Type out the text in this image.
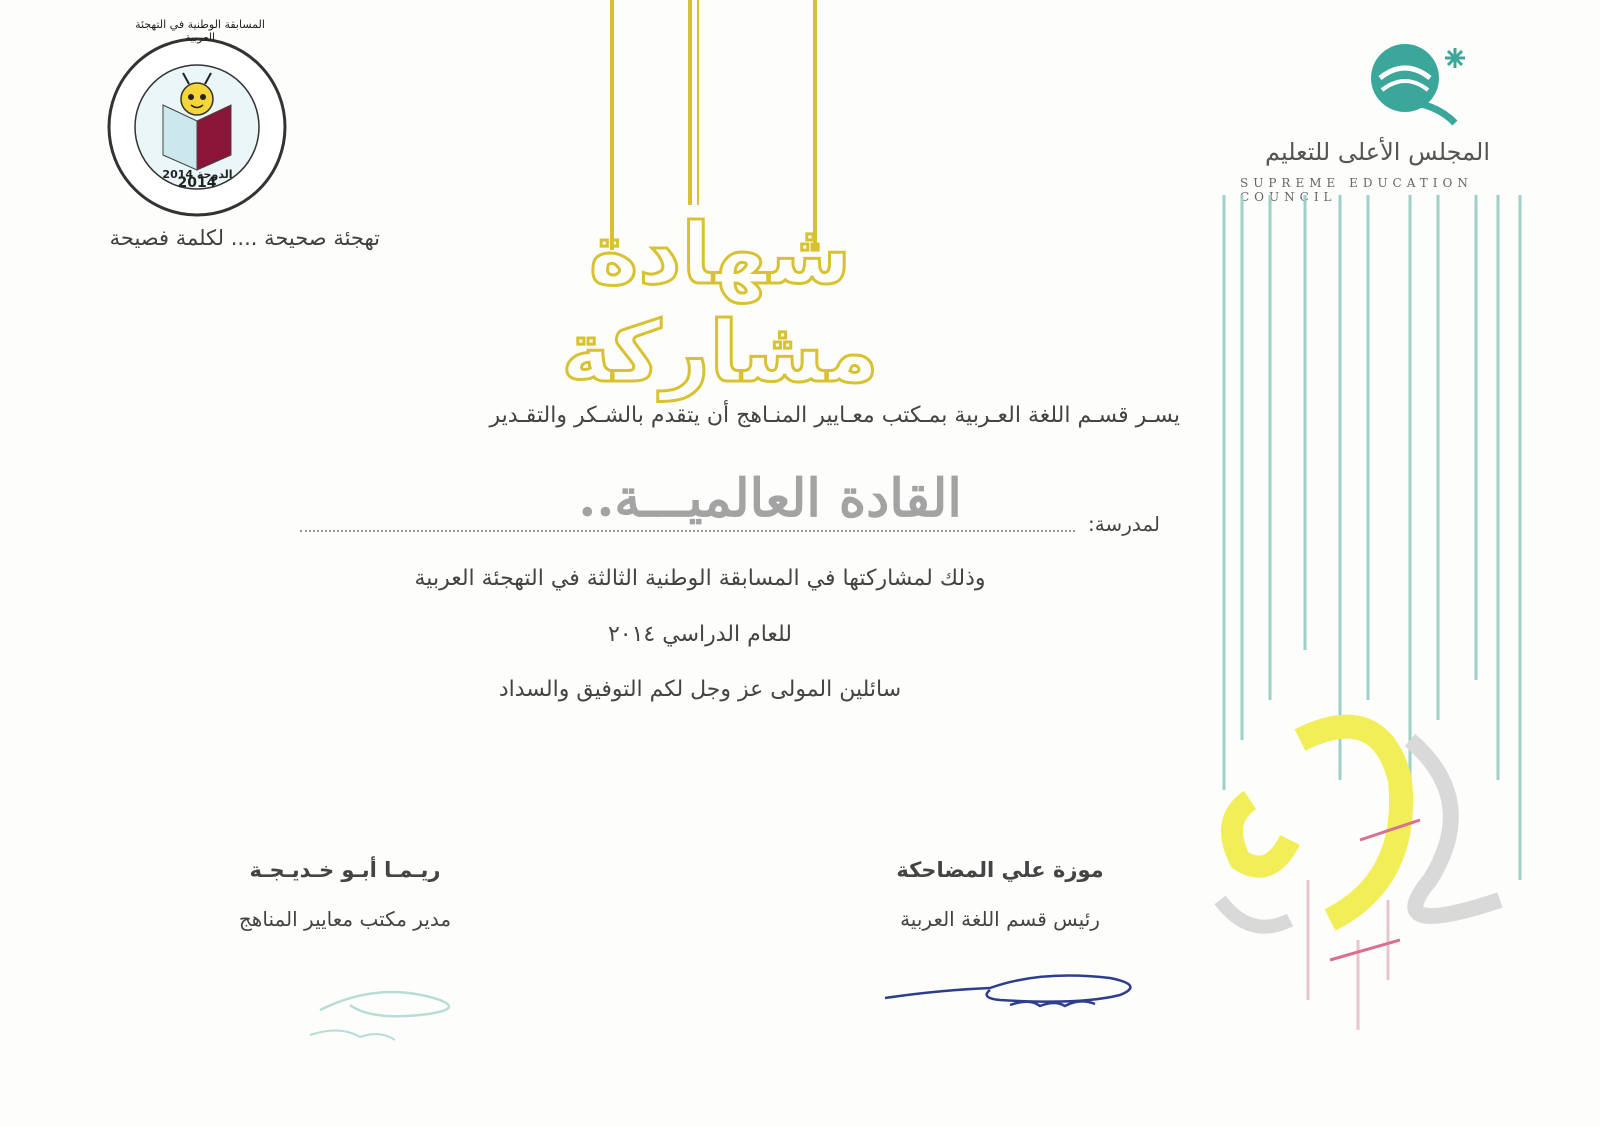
شهادة مشاركة
2014
المسابقة الوطنية في التهجئة العربية
الدوحة 2014
تهجئة صحيحة .... لكلمة فصيحة
المجلس الأعلى للتعليم
SUPREME EDUCATION COUNCIL
يسـر قسـم اللغة العـربية بمـكتب معـايير المنـاهج أن يتقدم بالشـكر والتقـدير
لمدرسة:
القادة العالميـــة..
وذلك لمشاركتها في المسابقة الوطنية الثالثة في التهجئة العربية
للعام الدراسي ٢٠١٤
سائلين المولى عز وجل لكم التوفيق والسداد
موزة علي المضاحكة
رئيس قسم اللغة العربية
ريـمـا أبـو خـديـجـة
مدير مكتب معايير المناهج
